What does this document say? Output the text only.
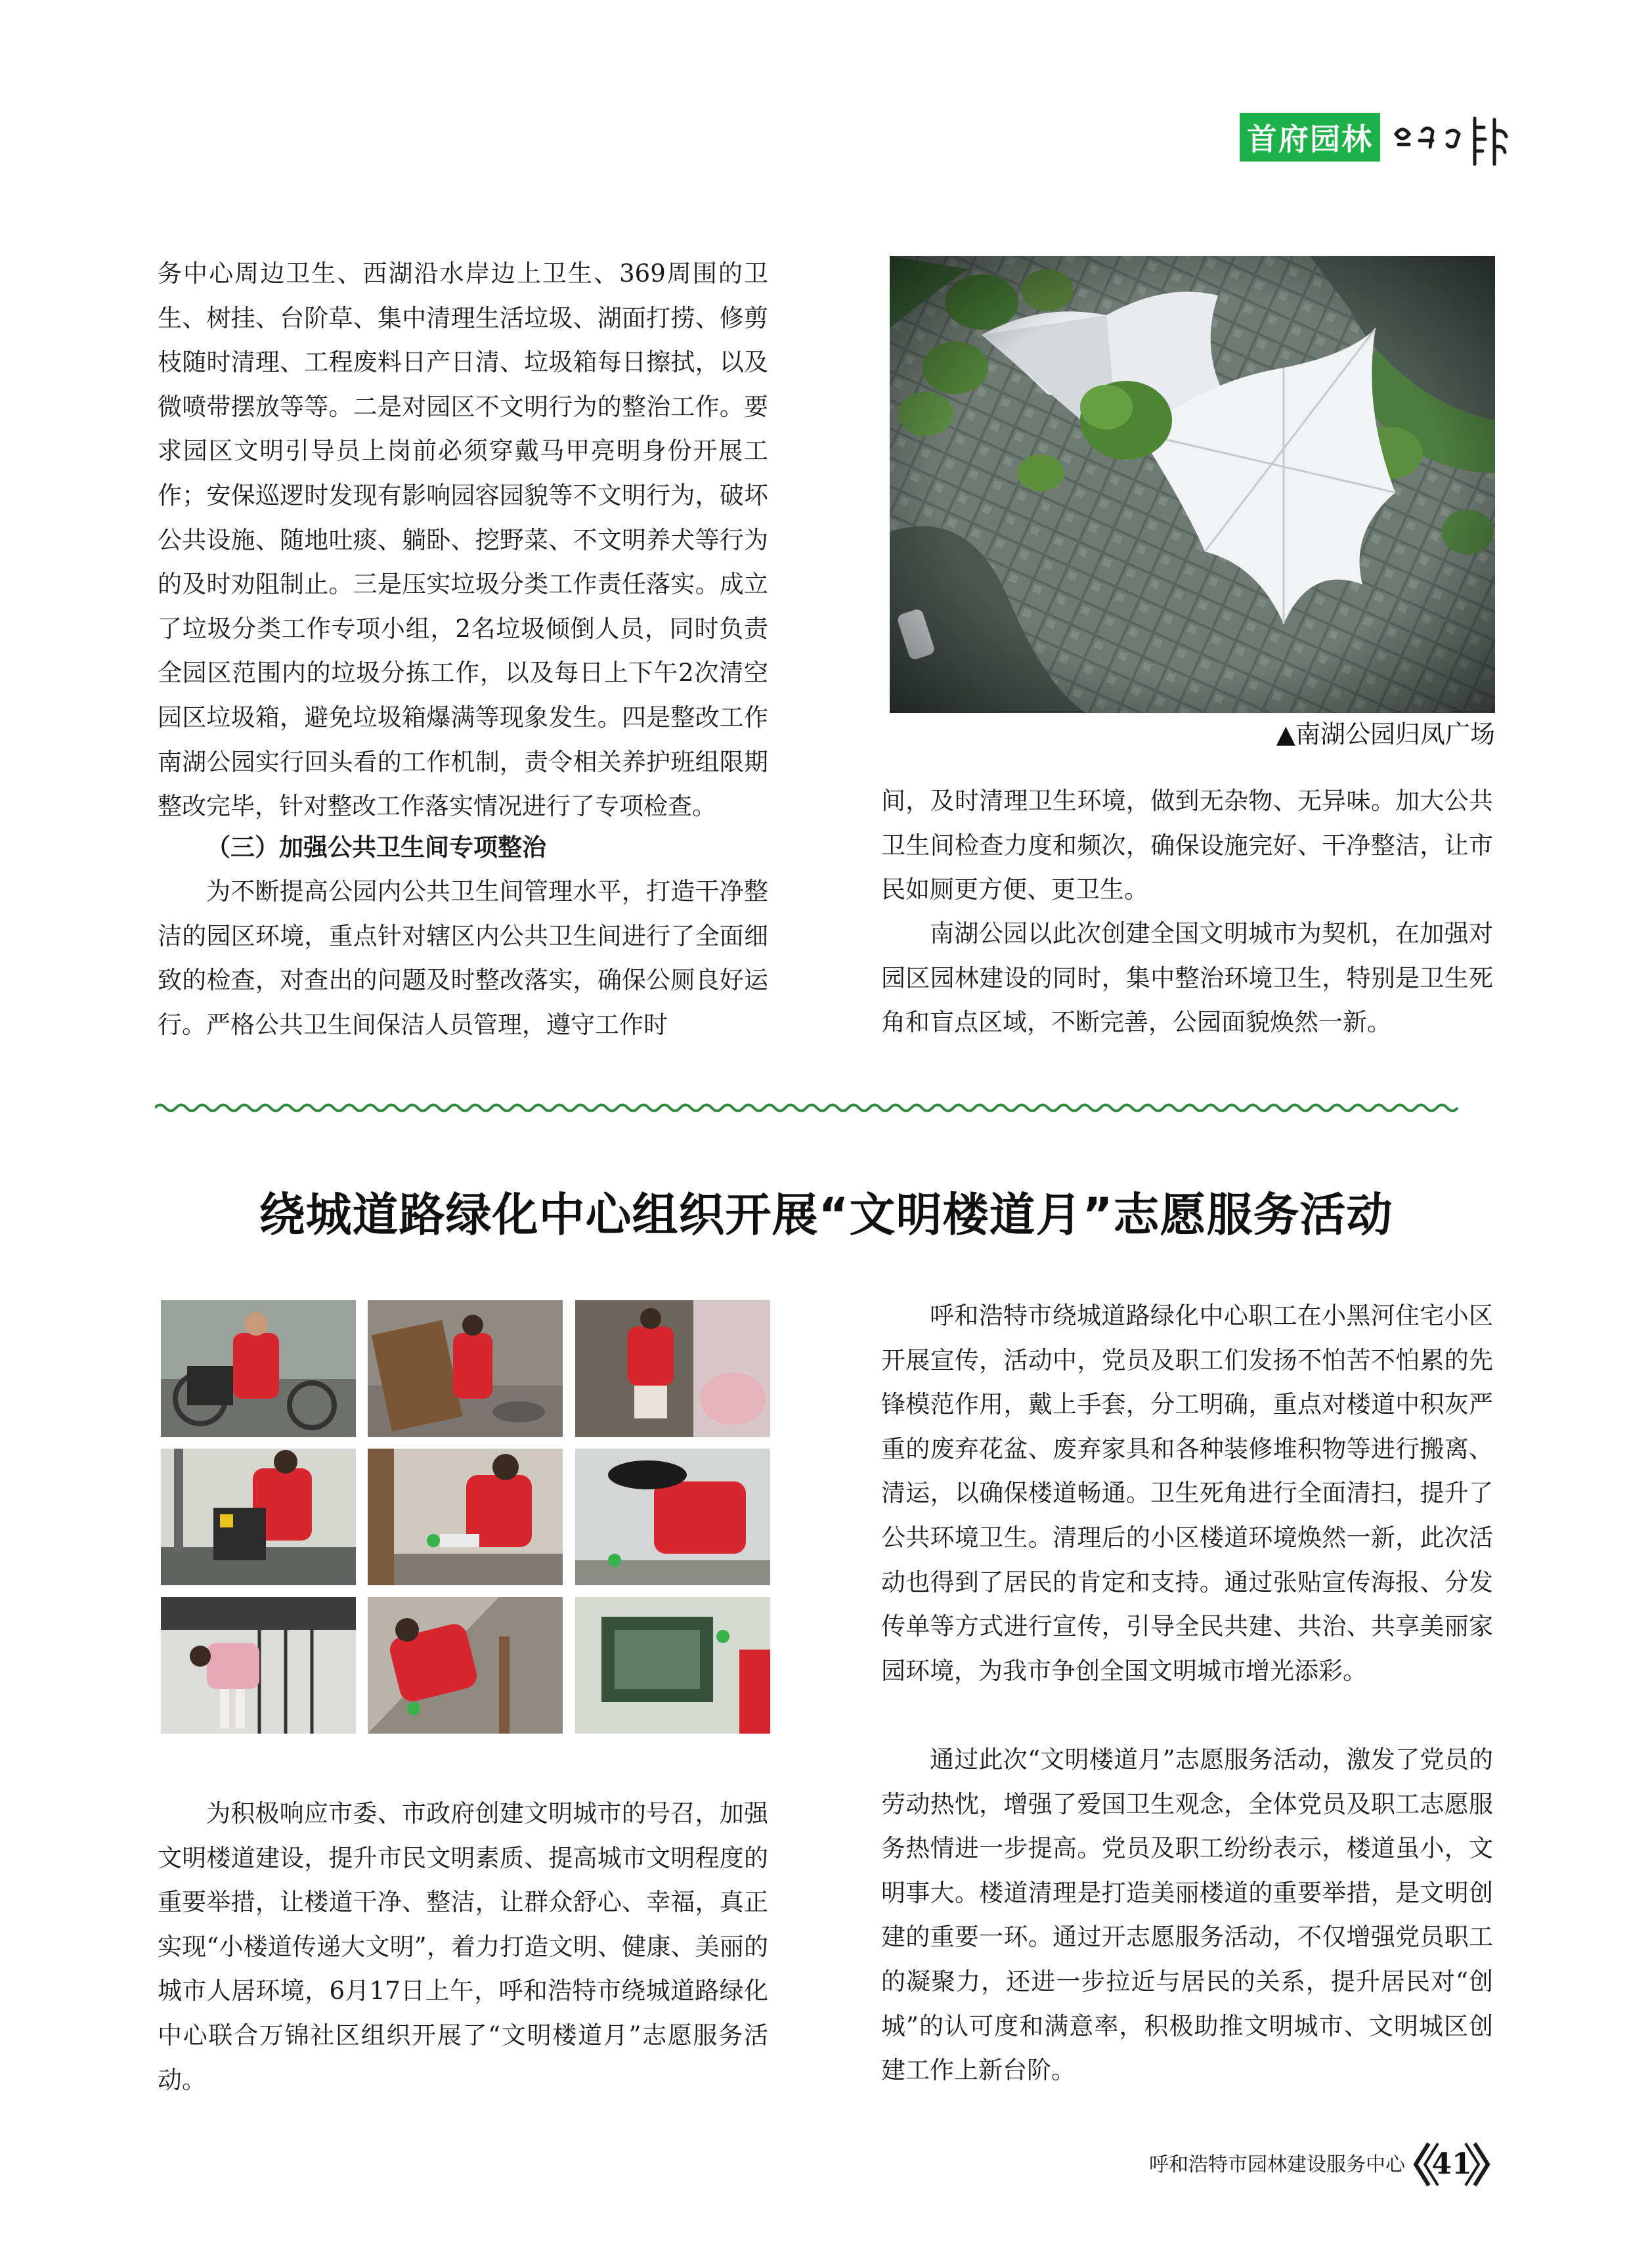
首府园林

务中心周边卫生、西湖沿水岸边上卫生、369周围的卫生、树挂、台阶草、集中清理生活垃圾、湖面打捞、修剪枝随时清理、工程废料日产日清、垃圾箱每日擦拭，以及微喷带摆放等等。二是对园区不文明行为的整治工作。要求园区文明引导员上岗前必须穿戴马甲亮明身份开展工作；安保巡逻时发现有影响园容园貌等不文明行为，破坏公共设施、随地吐痰、躺卧、挖野菜、不文明养犬等行为的及时劝阻制止。三是压实垃圾分类工作责任落实。成立了垃圾分类工作专项小组，2名垃圾倾倒人员，同时负责全园区范围内的垃圾分拣工作，以及每日上下午2次清空园区垃圾箱，避免垃圾箱爆满等现象发生。四是整改工作南湖公园实行回头看的工作机制，责令相关养护班组限期整改完毕，针对整改工作落实情况进行了专项检查。

（三）加强公共卫生间专项整治

为不断提高公园内公共卫生间管理水平，打造干净整洁的园区环境，重点针对辖区内公共卫生间进行了全面细致的检查，对查出的问题及时整改落实，确保公厕良好运行。严格公共卫生间保洁人员管理，遵守工作时

▲南湖公园归凤广场

间，及时清理卫生环境，做到无杂物、无异味。加大公共卫生间检查力度和频次，确保设施完好、干净整洁，让市民如厕更方便、更卫生。

南湖公园以此次创建全国文明城市为契机，在加强对园区园林建设的同时，集中整治环境卫生，特别是卫生死角和盲点区域，不断完善，公园面貌焕然一新。

绕城道路绿化中心组织开展“文明楼道月”志愿服务活动

为积极响应市委、市政府创建文明城市的号召，加强文明楼道建设，提升市民文明素质、提高城市文明程度的重要举措，让楼道干净、整洁，让群众舒心、幸福，真正实现“小楼道传递大文明”，着力打造文明、健康、美丽的城市人居环境，6月17日上午，呼和浩特市绕城道路绿化中心联合万锦社区组织开展了“文明楼道月”志愿服务活动。

呼和浩特市绕城道路绿化中心职工在小黑河住宅小区开展宣传，活动中，党员及职工们发扬不怕苦不怕累的先锋模范作用，戴上手套，分工明确，重点对楼道中积灰严重的废弃花盆、废弃家具和各种装修堆积物等进行搬离、清运，以确保楼道畅通。卫生死角进行全面清扫，提升了公共环境卫生。清理后的小区楼道环境焕然一新，此次活动也得到了居民的肯定和支持。通过张贴宣传海报、分发传单等方式进行宣传，引导全民共建、共治、共享美丽家园环境，为我市争创全国文明城市增光添彩。

通过此次“文明楼道月”志愿服务活动，激发了党员的劳动热忱，增强了爱国卫生观念，全体党员及职工志愿服务热情进一步提高。党员及职工纷纷表示，楼道虽小，文明事大。楼道清理是打造美丽楼道的重要举措，是文明创建的重要一环。通过开志愿服务活动，不仅增强党员职工的凝聚力，还进一步拉近与居民的关系，提升居民对“创城”的认可度和满意率，积极助推文明城市、文明城区创建工作上新台阶。

呼和浩特市园林建设服务中心 41
